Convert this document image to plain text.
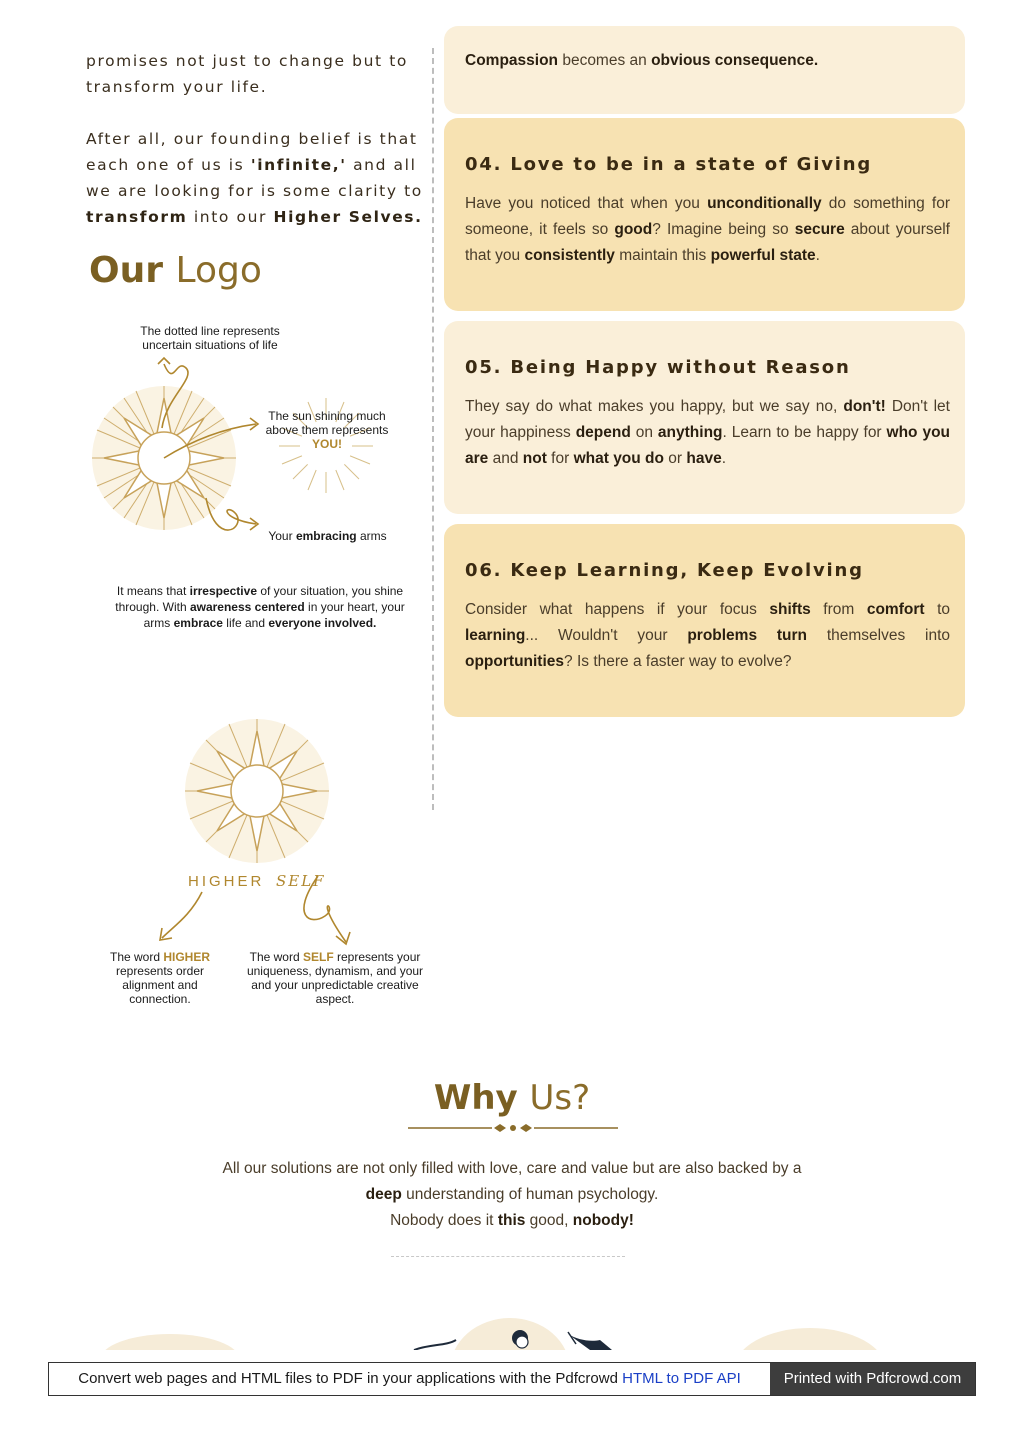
promises not just to change but to transform your life.

After all, our founding belief is that each one of us is 'infinite,' and all we are looking for is some clarity to transform into our Higher Selves.

Our Logo

The dotted line represents
uncertain situations of life

The sun shining much
above them represents
YOU!

Your embracing arms

It means that irrespective of your situation, you shine through. With awareness centered in your heart, your arms embrace life and everyone involved.

HIGHER SELF

The word HIGHER represents order alignment and connection.

The word SELF represents your uniqueness, dynamism, and your and your unpredictable creative aspect.

Compassion becomes an obvious consequence.

04. Love to be in a state of Giving

Have you noticed that when you unconditionally do something for someone, it feels so good? Imagine being so secure about yourself that you consistently maintain this powerful state.

05. Being Happy without Reason

They say do what makes you happy, but we say no, don't! Don't let your happiness depend on anything. Learn to be happy for who you are and not for what you do or have.

06. Keep Learning, Keep Evolving

Consider what happens if your focus shifts from comfort to learning... Wouldn't your problems turn themselves into opportunities? Is there a faster way to evolve?

Why Us?

All our solutions are not only filled with love, care and value but are also backed by a
deep understanding of human psychology.
Nobody does it this good, nobody!

Convert web pages and HTML files to PDF in your applications with the Pdfcrowd HTML to PDF API	Printed with Pdfcrowd.com
